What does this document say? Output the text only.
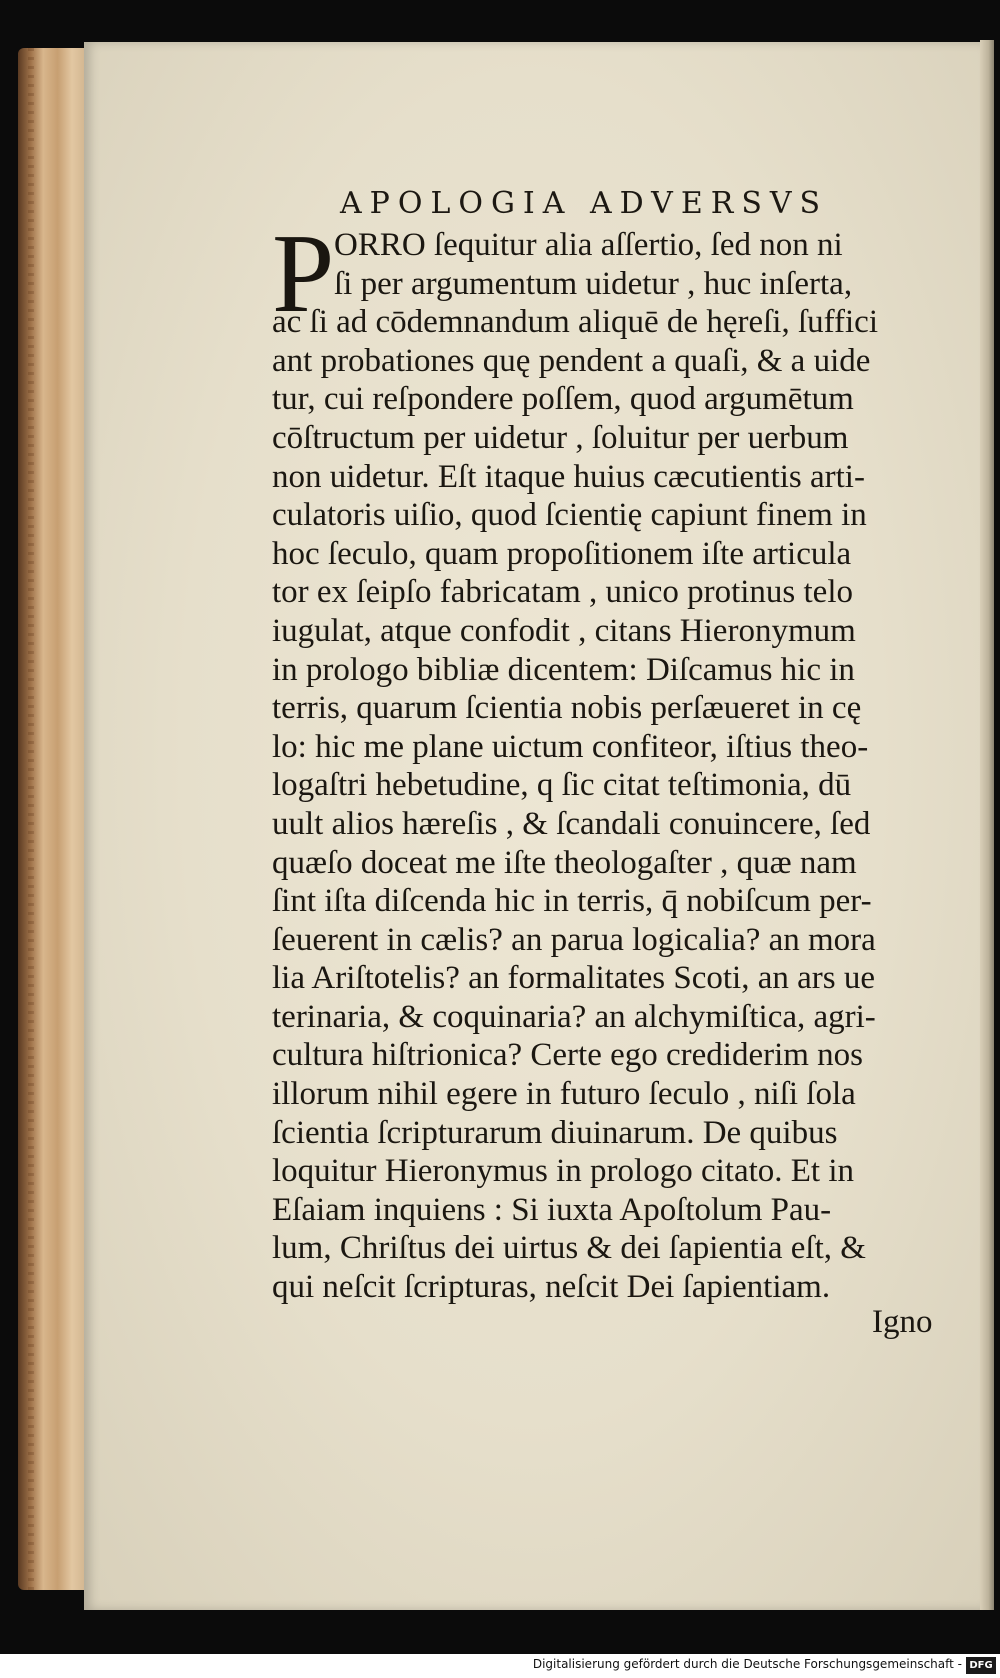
APOLOGIA ADVERSVS
P ORRO ſequitur alia aſſertio, ſed non ni
ſi per argumentum uidetur , huc inſerta,
ac ſi ad cōdemnandum aliquē de hęreſi, ſuffici
ant probationes quę pendent a quaſi, & a uide
tur, cui reſpondere poſſem, quod argumētum
cōſtructum per uidetur , ſoluitur per uerbum
non uidetur. Eſt itaque huius cæcutientis arti-
culatoris uiſio, quod ſcientię capiunt finem in
hoc ſeculo, quam propoſitionem iſte articula
tor ex ſeipſo fabricatam , unico protinus telo
iugulat, atque confodit , citans Hieronymum
in prologo bibliæ dicentem: Diſcamus hic in
terris, quarum ſcientia nobis perſæueret in cę
lo: hic me plane uictum confiteor, iſtius theo-
logaſtri hebetudine, q ſic citat teſtimonia, dū
uult alios hæreſis , & ſcandali conuincere, ſed
quæſo doceat me iſte theologaſter , quæ nam
ſint iſta diſcenda hic in terris, q̄ nobiſcum per-
ſeuerent in cælis? an parua logicalia? an mora
lia Ariſtotelis? an formalitates Scoti, an ars ue
terinaria, & coquinaria? an alchymiſtica, agri-
cultura hiſtrionica? Certe ego crediderim nos
illorum nihil egere in futuro ſeculo , niſi ſola
ſcientia ſcripturarum diuinarum. De quibus
loquitur Hieronymus in prologo citato. Et in
Eſaiam inquiens : Si iuxta Apoſtolum Pau-
lum, Chriſtus dei uirtus & dei ſapientia eſt, &
qui neſcit ſcripturas, neſcit Dei ſapientiam.
Igno
Digitalisierung gefördert durch die Deutsche Forschungsgemeinschaft - DFG
